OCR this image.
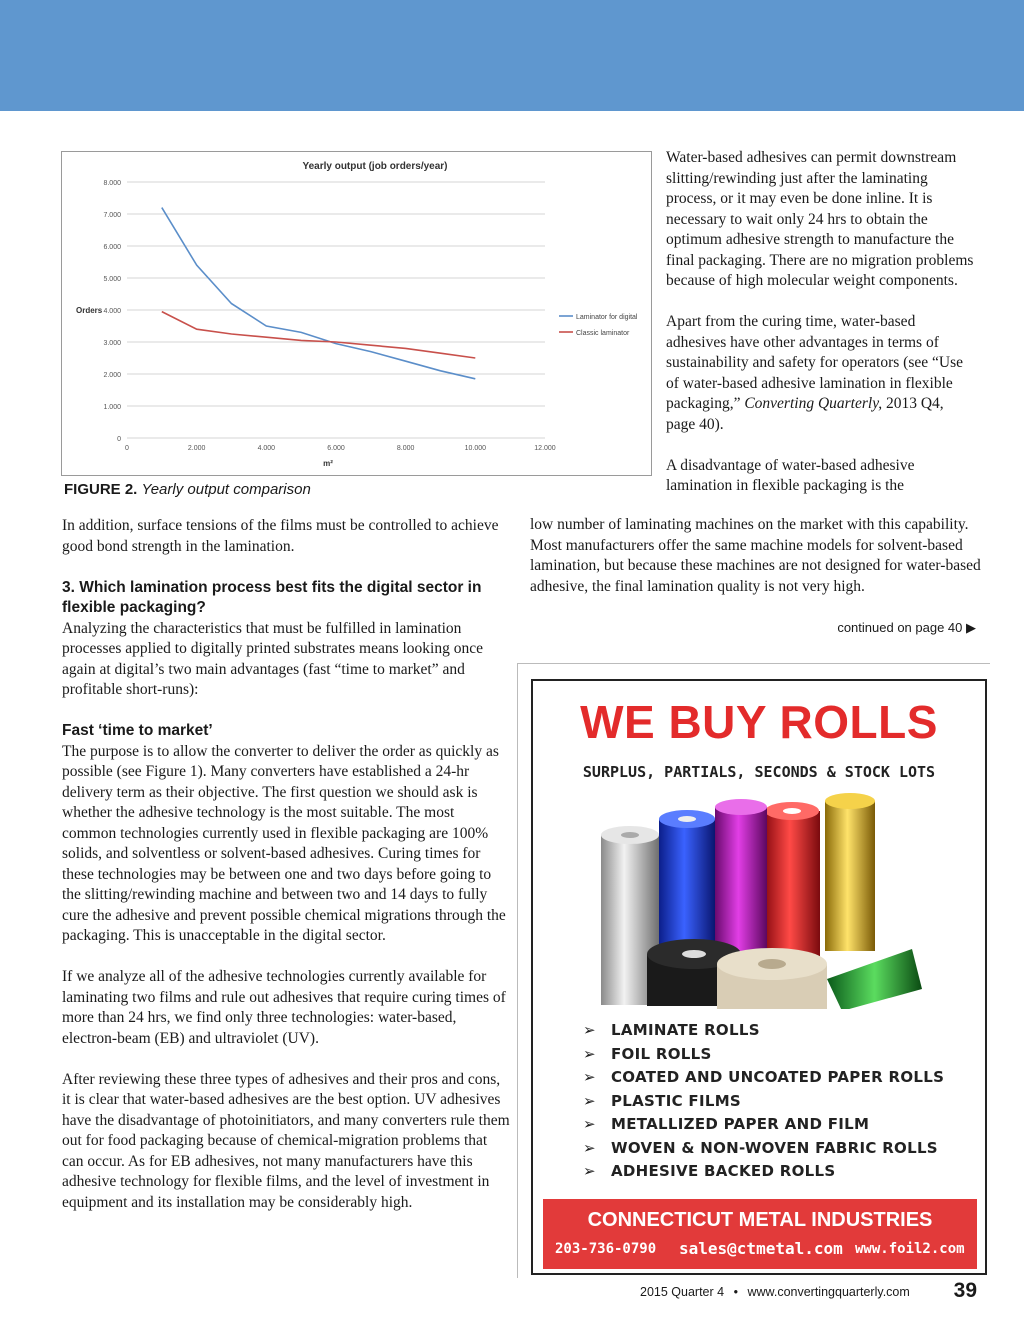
Yearly output (job orders/year)
Orders
m²
0
1.000
2.000
3.000
4.000
5.000
6.000
7.000
8.000
0	2.000	4.000	6.000	8.000	10.000	12.000
Laminator for digital
Classic laminator
FIGURE 2. Yearly output comparison

Water-based adhesives can permit downstream slitting/rewinding just after the laminating process, or it may even be done inline. It is necessary to wait only 24 hrs to obtain the optimum adhesive strength to manufacture the final packaging. There are no migration problems because of high molecular weight components.

Apart from the curing time, water-based adhesives have other advantages in terms of sustainability and safety for operators (see “Use of water-based adhesive lamination in flexible packaging,” Converting Quarterly, 2013 Q4, page 40).

A disadvantage of water-based adhesive lamination in flexible packaging is the

low number of laminating machines on the market with this capability. Most manufacturers offer the same machine models for solvent-based lamination, but because these machines are not designed for water-based adhesive, the final lamination quality is not very high.

continued on page 40 ▶

In addition, surface tensions of the films must be controlled to achieve good bond strength in the lamination.

3. Which lamination process best fits the digital sector in flexible packaging?

Analyzing the characteristics that must be fulfilled in lamination processes applied to digitally printed substrates means looking once again at digital’s two main advantages (fast “time to market” and profitable short-runs):

Fast ‘time to market’

The purpose is to allow the converter to deliver the order as quickly as possible (see Figure 1). Many converters have established a 24-hr delivery term as their objective. The first question we should ask is whether the adhesive technology is the most suitable. The most common technologies currently used in flexible packaging are 100% solids, and solventless or solvent-based adhesives. Curing times for these technologies may be between one and two days before going to the slitting/rewinding machine and between two and 14 days to fully cure the adhesive and prevent possible chemical migrations through the packaging. This is unacceptable in the digital sector.

If we analyze all of the adhesive technologies currently available for laminating two films and rule out adhesives that require curing times of more than 24 hrs, we find only three technologies: water-based, electron-beam (EB) and ultraviolet (UV).

After reviewing these three types of adhesives and their pros and cons, it is clear that water-based adhesives are the best option. UV adhesives have the disadvantage of photoinitiators, and many converters rule them out for food packaging because of chemical-migration problems that can occur. As for EB adhesives, not many manufacturers have this adhesive technology for flexible films, and the level of investment in equipment and its installation may be considerably high.

WE BUY ROLLS
SURPLUS, PARTIALS, SECONDS & STOCK LOTS
➢ LAMINATE ROLLS
➢ FOIL ROLLS
➢ COATED AND UNCOATED PAPER ROLLS
➢ PLASTIC FILMS
➢ METALLIZED PAPER AND FILM
➢ WOVEN & NON-WOVEN FABRIC ROLLS
➢ ADHESIVE BACKED ROLLS
CONNECTICUT METAL INDUSTRIES
203-736-0790 sales@ctmetal.com www.foil2.com
2015 Quarter 4 • www.convertingquarterly.com 39
